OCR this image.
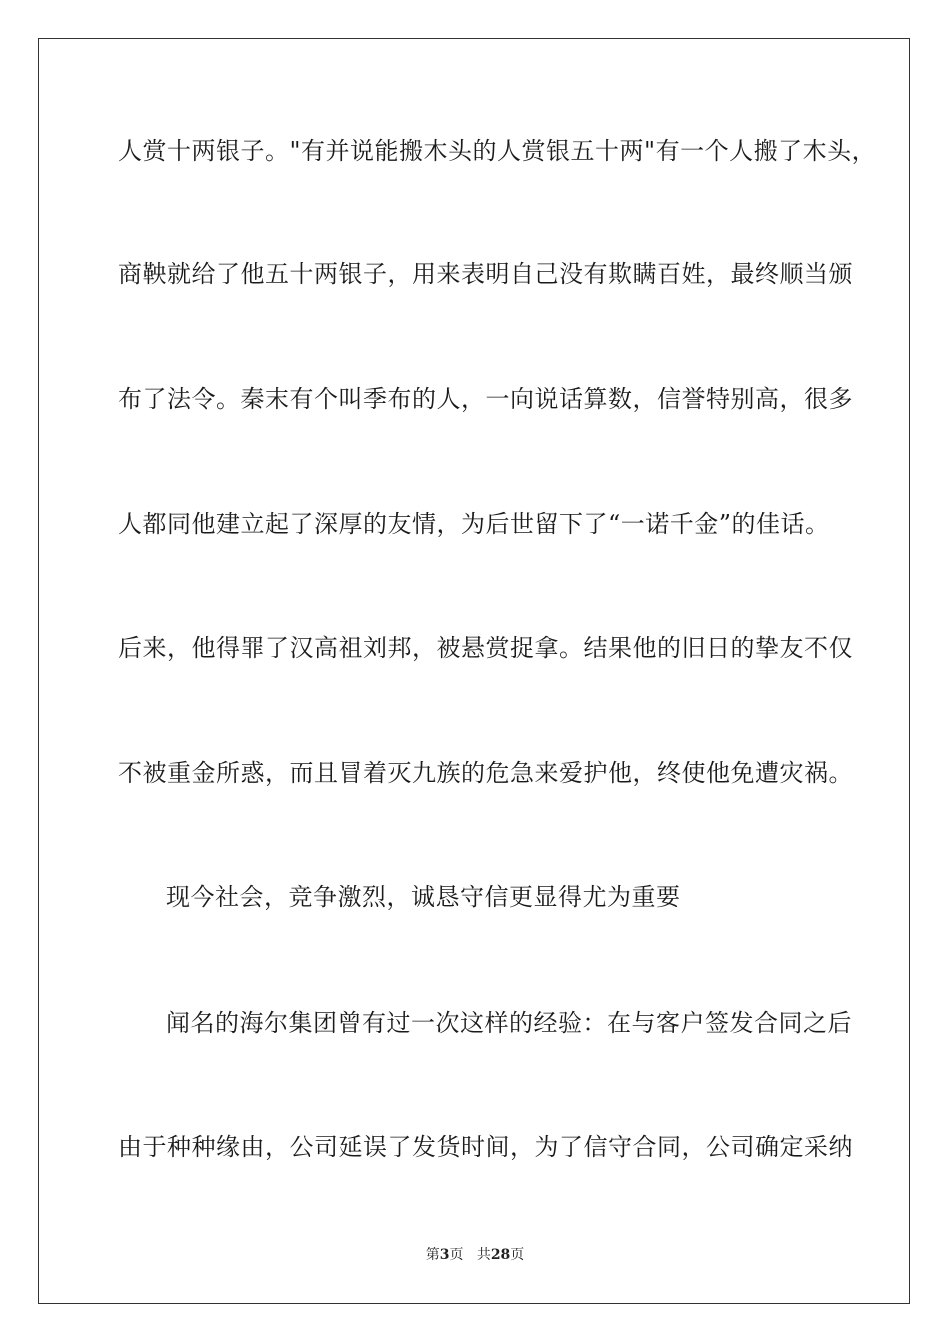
人赏十两银子。"有并说能搬木头的人赏银五十两"有一个人搬了木头，
商鞅就给了他五十两银子，用来表明自己没有欺瞒百姓，最终顺当颁
布了法令。秦末有个叫季布的人，一向说话算数，信誉特别高，很多
人都同他建立起了深厚的友情，为后世留下了“一诺千金”的佳话。
后来，他得罪了汉高祖刘邦，被悬赏捉拿。结果他的旧日的挚友不仅
不被重金所惑，而且冒着灭九族的危急来爱护他，终使他免遭灾祸。
现今社会，竞争激烈，诚恳守信更显得尤为重要
闻名的海尔集团曾有过一次这样的经验：在与客户签发合同之后
由于种种缘由，公司延误了发货时间，为了信守合同，公司确定采纳
第3页 共28页
